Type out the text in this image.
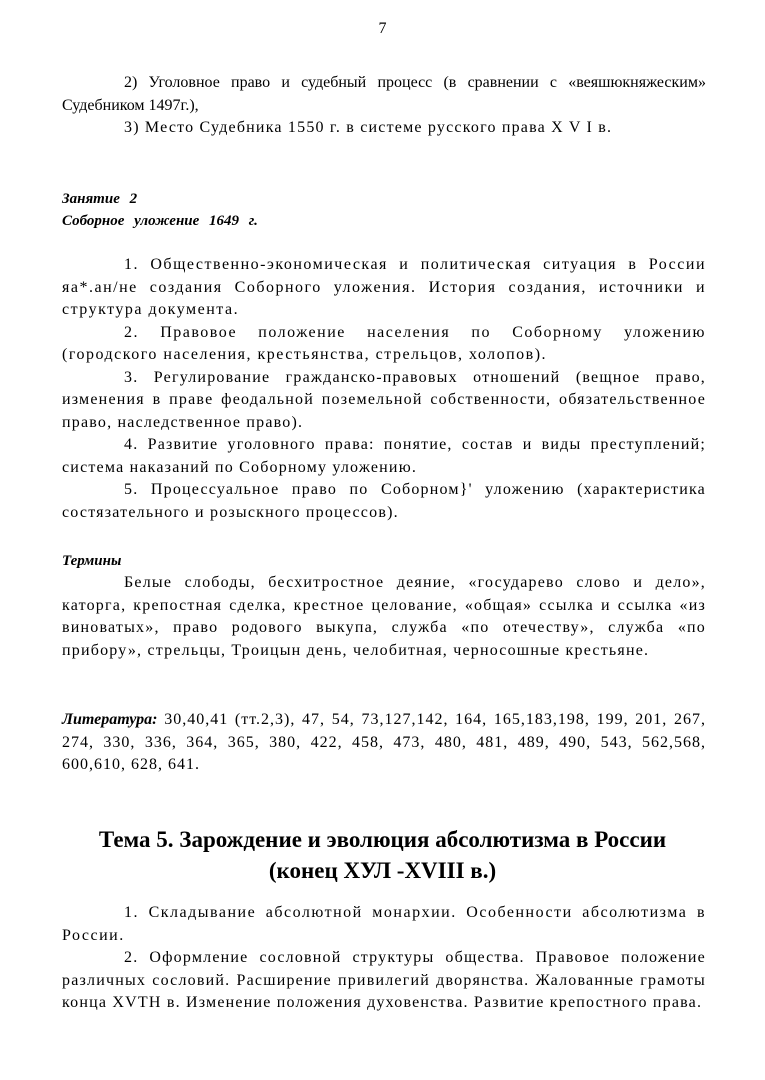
7

2) Уголовное право и судебный процесс (в сравнении с «веяшюкняжеским» Судебником 1497г.),

3) Место Судебника 1550 г. в системе русского права X V I в.

Занятие 2

Соборное уложение 1649 г.

1. Общественно-экономическая и политическая ситуация в России яа*.ан/не создания Соборного уложения. История создания, источники и структура документа.

2. Правовое положение населения по Соборному уложению (городского населения, крестьянства, стрельцов, холопов).

3. Регулирование гражданско-правовых отношений (вещное право, изменения в праве феодальной поземельной собственности, обязательственное право, наследственное право).

4. Развитие уголовного права: понятие, состав и виды преступлений; система наказаний по Соборному уложению.

5. Процессуальное право по Соборном}' уложению (характеристика состязательного и розыскного процессов).

Термины

Белые слободы, бесхитростное деяние, «государево слово и дело», каторга, крепостная сделка, крестное целование, «общая» ссылка и ссылка «из виноватых», право родового выкупа, служба «по отечеству», служба «по прибору», стрельцы, Троицын день, челобитная, черносошные крестьяне.

Литература: 30,40,41 (тт.2,3), 47, 54, 73,127,142, 164, 165,183,198, 199, 201, 267, 274, 330, 336, 364, 365, 380, 422, 458, 473, 480, 481, 489, 490, 543, 562,568, 600,610, 628, 641.

Тема 5. Зарождение и эволюция абсолютизма в России
(конец ХУЛ -XVIII в.)

1. Складывание абсолютной монархии. Особенности абсолютизма в России.

2. Оформление сословной структуры общества. Правовое положение различных сословий. Расширение привилегий дворянства. Жалованные грамоты конца XVTH в. Изменение положения духовенства. Развитие крепостного права.
